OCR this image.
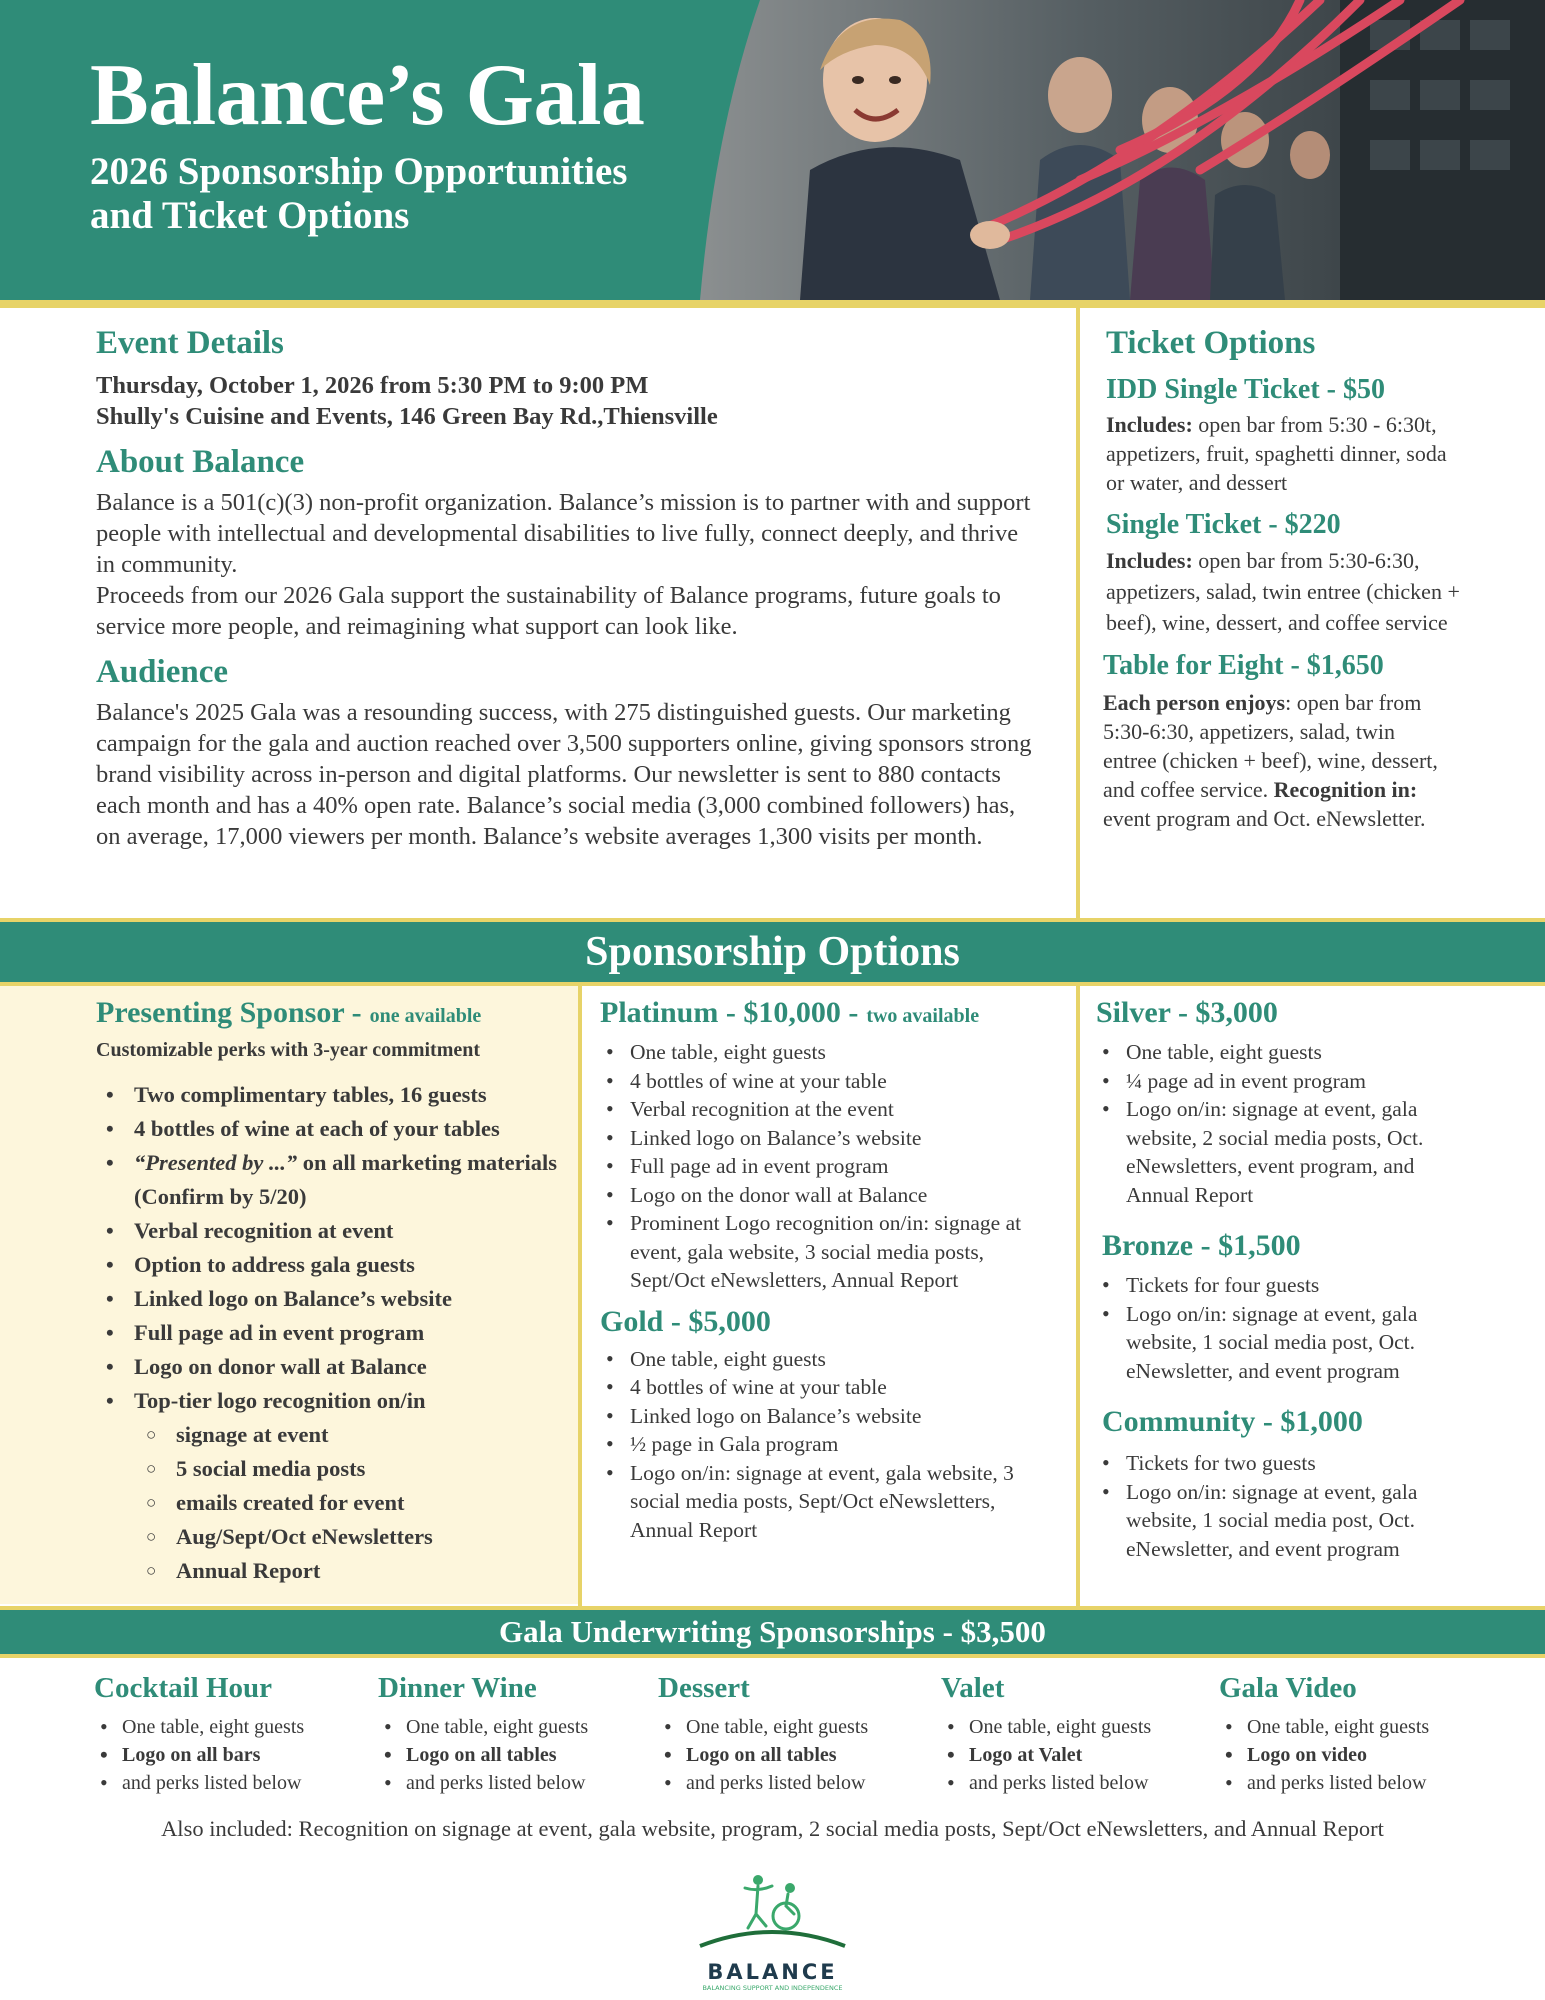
Balance’s Gala
2026 Sponsorship Opportunities
and Ticket Options
Event Details

Thursday, October 1, 2026 from 5:30 PM to 9:00 PM

Shully's Cuisine and Events, 146 Green Bay Rd.,Thiensville

About Balance

Balance is a 501(c)(3) non-profit organization. Balance’s mission is to partner with and support people with intellectual and developmental disabilities to live fully, connect deeply, and thrive in community.

Proceeds from our 2026 Gala support the sustainability of Balance programs, future goals to service more people, and reimagining what support can look like.

Audience

Balance's 2025 Gala was a resounding success, with 275 distinguished guests. Our marketing campaign for the gala and auction reached over 3,500 supporters online, giving sponsors strong brand visibility across in-person and digital platforms. Our newsletter is sent to 880 contacts each month and has a 40% open rate. Balance’s social media (3,000 combined followers) has, on average, 17,000 viewers per month. Balance’s website averages 1,300 visits per month.

Ticket Options

IDD Single Ticket - $50

Includes: open bar from 5:30 - 6:30t, appetizers, fruit, spaghetti dinner, soda or water, and dessert

Single Ticket - $220

Includes: open bar from 5:30-6:30, appetizers, salad, twin entree (chicken + beef), wine, dessert, and coffee service

Table for Eight - $1,650

Each person enjoys: open bar from 5:30-6:30, appetizers, salad, twin entree (chicken + beef), wine, dessert, and coffee service. Recognition in: event program and Oct. eNewsletter.

Sponsorship Options

Presenting Sponsor - one available

Customizable perks with 3-year commitment

• Two complimentary tables, 16 guests
• 4 bottles of wine at each of your tables
• “Presented by ...” on all marketing materials (Confirm by 5/20)
• Verbal recognition at event
• Option to address gala guests
• Linked logo on Balance’s website
• Full page ad in event program
• Logo on donor wall at Balance
• Top-tier logo recognition on/in
○ signage at event
○ 5 social media posts
○ emails created for event
○ Aug/Sept/Oct eNewsletters
○ Annual Report

Platinum - $10,000 - two available

• One table, eight guests
• 4 bottles of wine at your table
• Verbal recognition at the event
• Linked logo on Balance’s website
• Full page ad in event program
• Logo on the donor wall at Balance
• Prominent Logo recognition on/in: signage at event, gala website, 3 social media posts, Sept/Oct eNewsletters, Annual Report

Gold - $5,000

• One table, eight guests
• 4 bottles of wine at your table
• Linked logo on Balance’s website
• ½ page in Gala program
• Logo on/in: signage at event, gala website, 3 social media posts, Sept/Oct eNewsletters, Annual Report

Silver - $3,000

• One table, eight guests
• ¼ page ad in event program
• Logo on/in: signage at event, gala website, 2 social media posts, Oct. eNewsletters, event program, and Annual Report

Bronze - $1,500

• Tickets for four guests
• Logo on/in: signage at event, gala website, 1 social media post, Oct. eNewsletter, and event program

Community - $1,000

• Tickets for two guests
• Logo on/in: signage at event, gala website, 1 social media post, Oct. eNewsletter, and event program
Gala Underwriting Sponsorships - $3,500

Cocktail Hour

• One table, eight guests
• Logo on all bars
• and perks listed below

Dinner Wine

• One table, eight guests
• Logo on all tables
• and perks listed below

Dessert

• One table, eight guests
• Logo on all tables
• and perks listed below

Valet

• One table, eight guests
• Logo at Valet
• and perks listed below

Gala Video

• One table, eight guests
• Logo on video
• and perks listed below
Also included: Recognition on signage at event, gala website, program, 2 social media posts, Sept/Oct eNewsletters, and Annual Report
BALANCE
BALANCING SUPPORT AND INDEPENDENCE
